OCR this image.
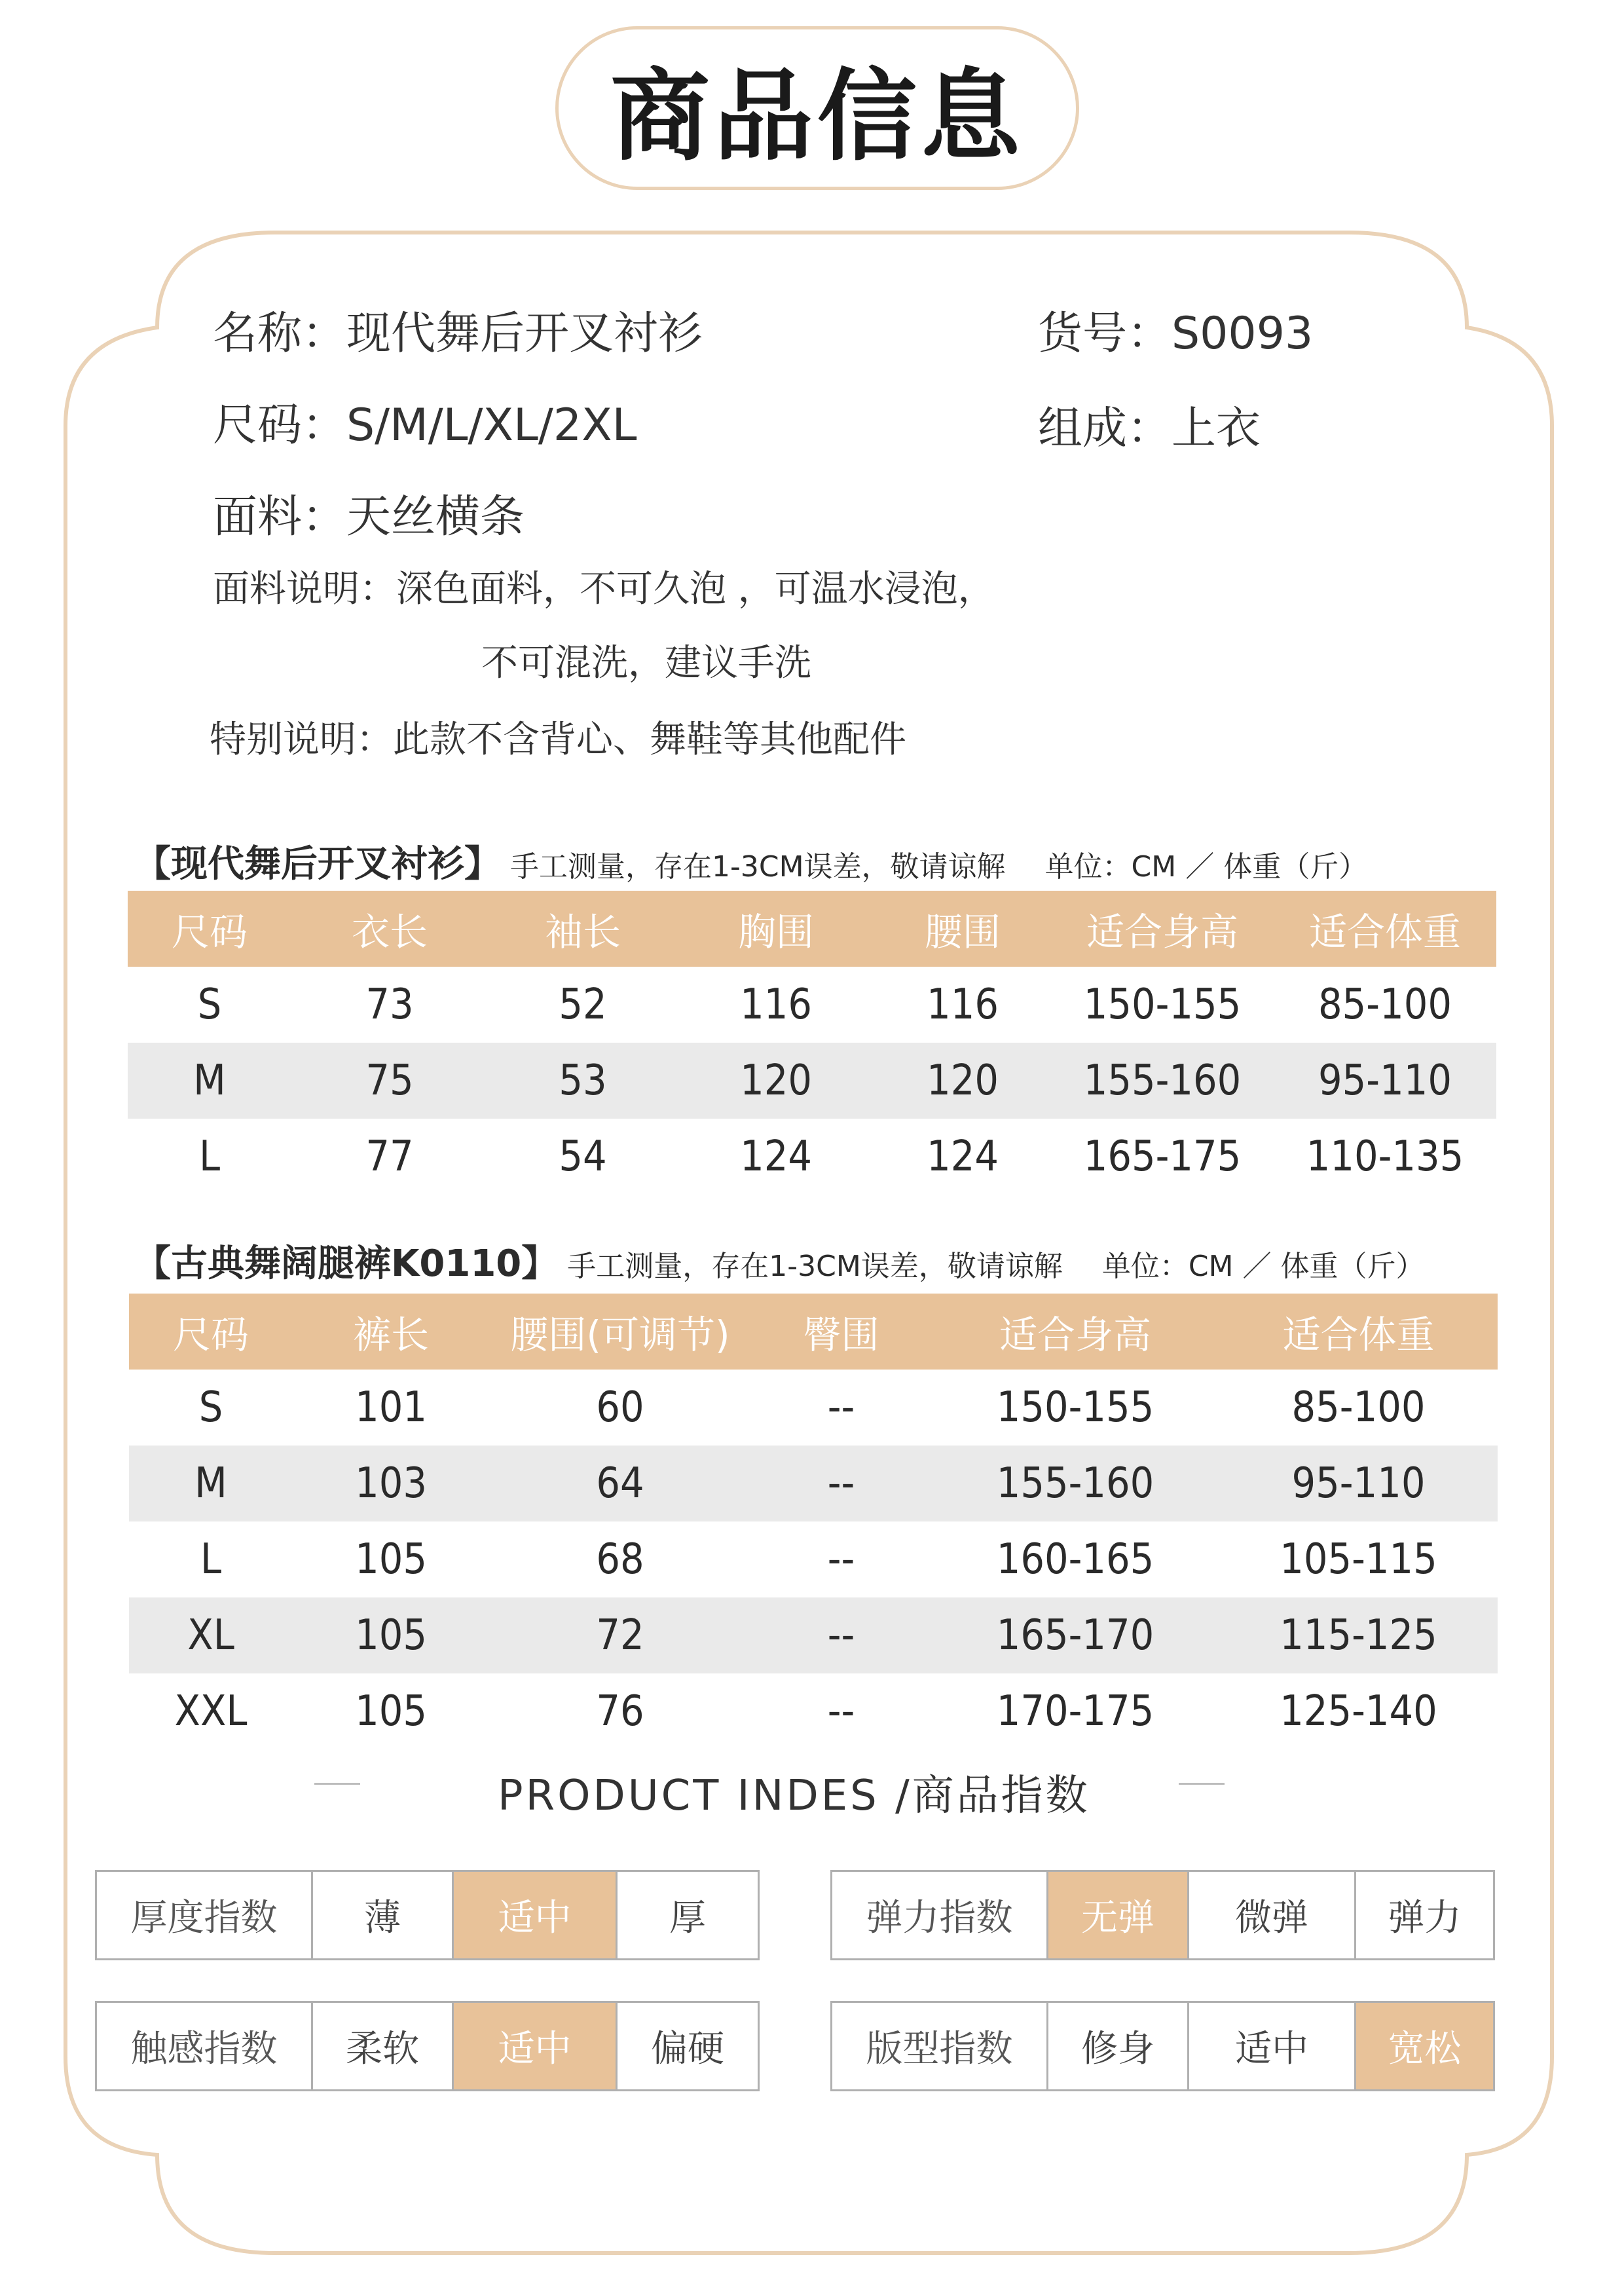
商品信息
名称：现代舞后开叉衬衫	货号：S0093
尺码：S/M/L/XL/2XL	组成：上衣
面料：天丝横条
面料说明：深色面料，不可久泡 ，可温水浸泡，
不可混洗，建议手洗
特别说明：此款不含背心、舞鞋等其他配件
【现代舞后开叉衬衫】 手工测量，存在1-3CM误差，敬请谅解 单位：CM ／ 体重（斤）
尺码	衣长	袖长	胸围	腰围	适合身高	适合体重
S	73	52	116	116	150-155	85-100
M	75	53	120	120	155-160	95-110
L	77	54	124	124	165-175	110-135
【古典舞阔腿裤K0110】 手工测量，存在1-3CM误差，敬请谅解 单位：CM ／ 体重（斤）
尺码	裤长	腰围(可调节)	臀围	适合身高	适合体重
S	101	60	--	150-155	85-100
M	103	64	--	155-160	95-110
L	105	68	--	160-165	105-115
XL	105	72	--	165-170	115-125
XXL	105	76	--	170-175	125-140
PRODUCT INDES /商品指数
厚度指数	薄	适中	厚	弹力指数	无弹	微弹	弹力
触感指数	柔软	适中	偏硬	版型指数	修身	适中	宽松
